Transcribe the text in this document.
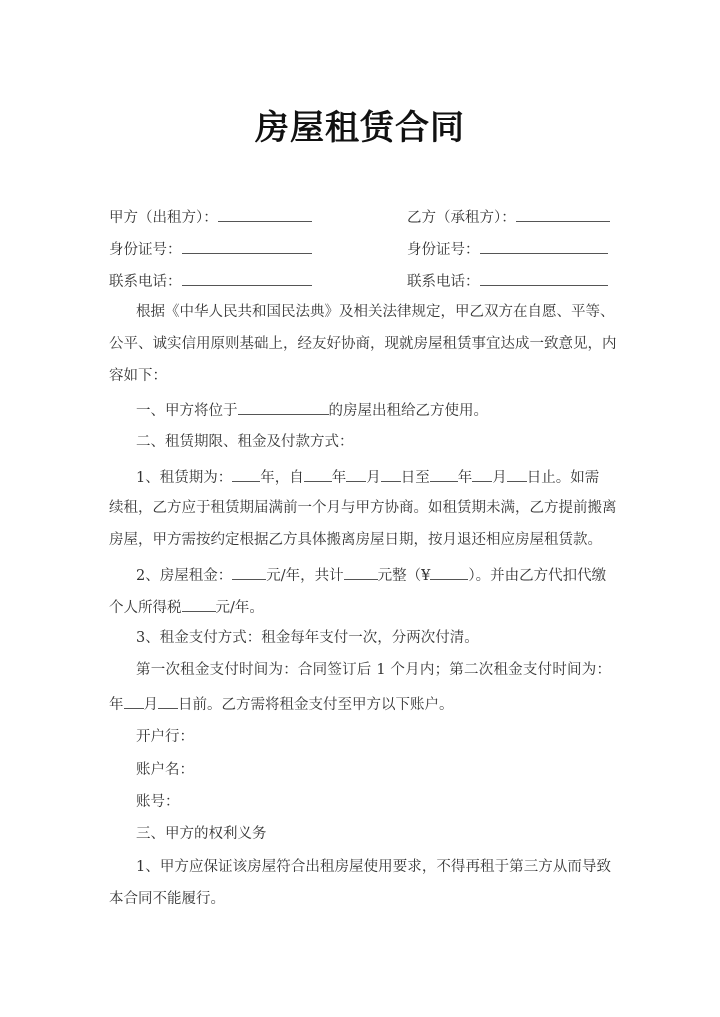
房屋租赁合同
甲方（出租方）：	乙方（承租方）：
身份证号：	身份证号：
联系电话：	联系电话：
根据《中华人民共和国民法典》及相关法律规定，甲乙双方在自愿、平等、
公平、诚实信用原则基础上，经友好协商，现就房屋租赁事宜达成一致意见，内
容如下：
一、甲方将位于	的房屋出租给乙方使用。
二、租赁期限、租金及付款方式：
1、租赁期为： 年，自 年 月 日至 年 月 日止。如需
续租，乙方应于租赁期届满前一个月与甲方协商。如租赁期未满，乙方提前搬离
房屋，甲方需按约定根据乙方具体搬离房屋日期，按月退还相应房屋租赁款。
2、房屋租金： 元/年，共计 元整（¥	）。并由乙方代扣代缴
个人所得税 元/年。
3、租金支付方式：租金每年支付一次，分两次付清。
第一次租金支付时间为：合同签订后 1 个月内；第二次租金支付时间为：
年 月 日前。乙方需将租金支付至甲方以下账户。
开户行：
账户名：
账号：
三、甲方的权利义务
1、甲方应保证该房屋符合出租房屋使用要求，不得再租于第三方从而导致
本合同不能履行。
